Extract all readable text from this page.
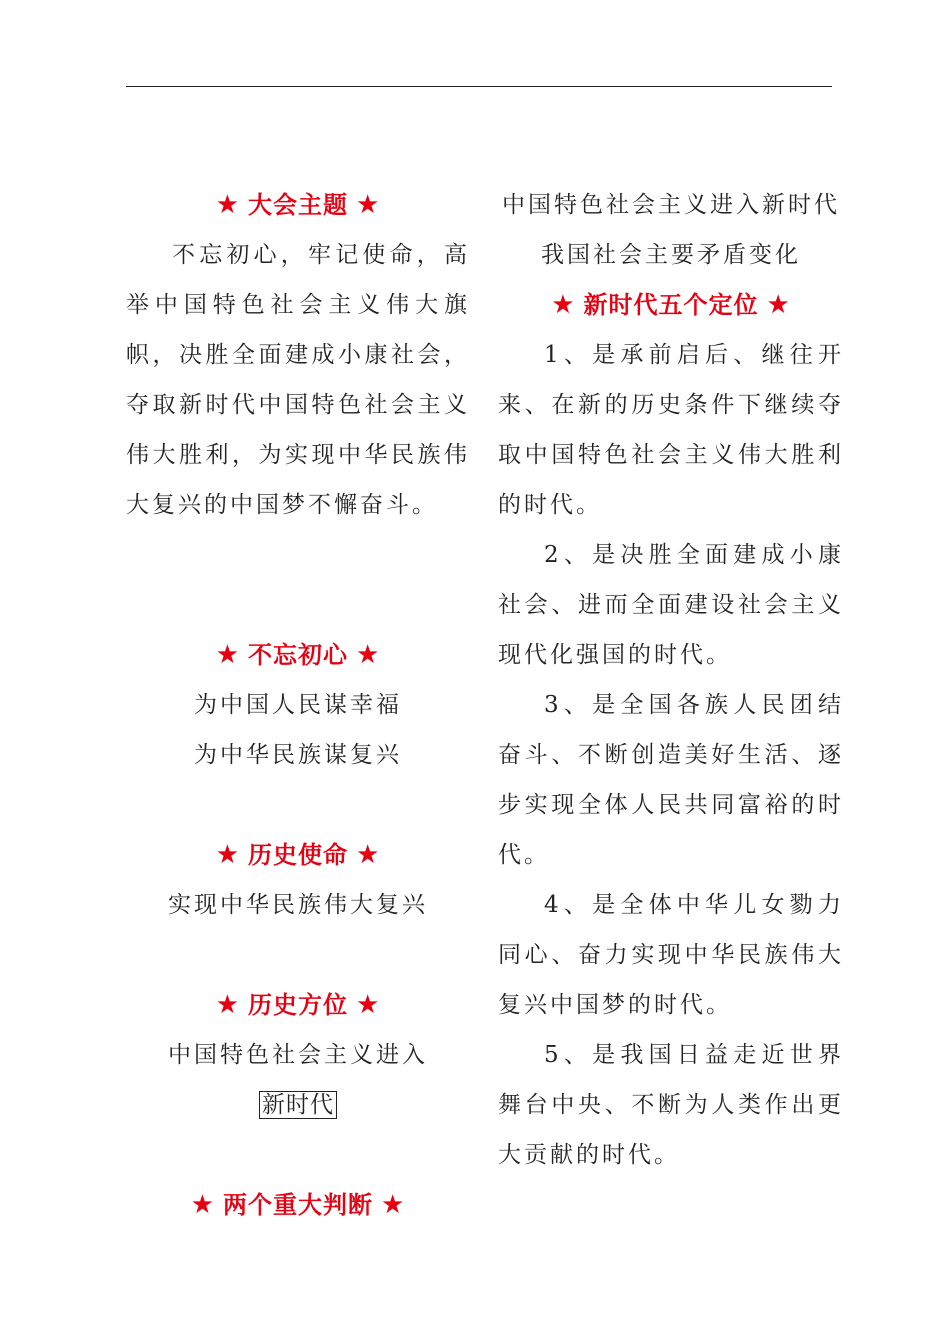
★ 大会主题 ★
不忘初心，牢记使命，高举中国特色社会主义伟大旗帜，决胜全面建成小康社会，夺取新时代中国特色社会主义伟大胜利，为实现中华民族伟大复兴的中国梦不懈奋斗。
★ 不忘初心 ★
为中国人民谋幸福
为中华民族谋复兴
★ 历史使命 ★
实现中华民族伟大复兴
★ 历史方位 ★
中国特色社会主义进入
新时代
★ 两个重大判断 ★
中国特色社会主义进入新时代
我国社会主要矛盾变化
★ 新时代五个定位 ★
1、是承前启后、继往开来、在新的历史条件下继续夺取中国特色社会主义伟大胜利的时代。
2、是决胜全面建成小康社会、进而全面建设社会主义现代化强国的时代。
3、是全国各族人民团结奋斗、不断创造美好生活、逐步实现全体人民共同富裕的时代。
4、是全体中华儿女勠力同心、奋力实现中华民族伟大复兴中国梦的时代。
5、是我国日益走近世界舞台中央、不断为人类作出更大贡献的时代。
